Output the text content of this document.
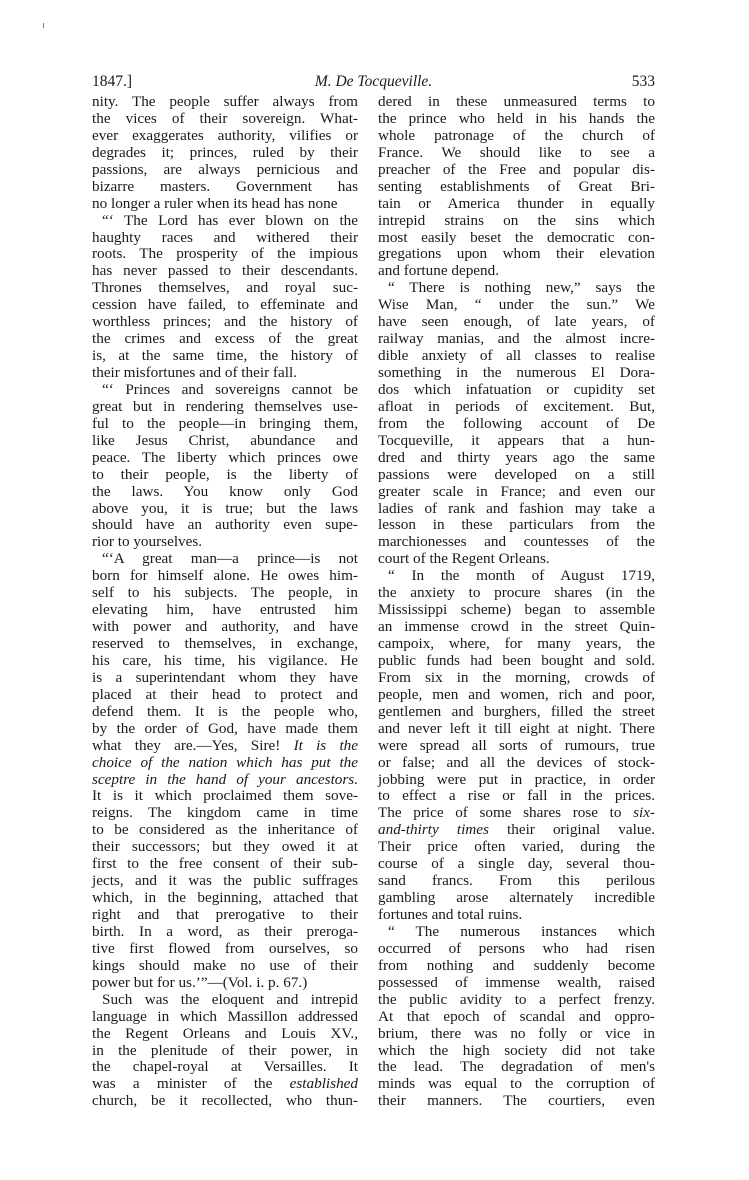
1847.]	M. De Tocqueville.	533
nity. The people suffer always from
the vices of their sovereign. What-
ever exaggerates authority, vilifies or
degrades it; princes, ruled by their
passions, are always pernicious and
bizarre masters. Government has
no longer a ruler when its head has none
“‘ The Lord has ever blown on the
haughty races and withered their
roots. The prosperity of the impious
has never passed to their descendants.
Thrones themselves, and royal suc-
cession have failed, to effeminate and
worthless princes; and the history of
the crimes and excess of the great
is, at the same time, the history of
their misfortunes and of their fall.
“‘ Princes and sovereigns cannot be
great but in rendering themselves use-
ful to the people—in bringing them,
like Jesus Christ, abundance and
peace. The liberty which princes owe
to their people, is the liberty of
the laws. You know only God
above you, it is true; but the laws
should have an authority even supe-
rior to yourselves.
“‘A great man—a prince—is not
born for himself alone. He owes him-
self to his subjects. The people, in
elevating him, have entrusted him
with power and authority, and have
reserved to themselves, in exchange,
his care, his time, his vigilance. He
is a superintendant whom they have
placed at their head to protect and
defend them. It is the people who,
by the order of God, have made them
what they are.—Yes, Sire! It is the
choice of the nation which has put the
sceptre in the hand of your ancestors.
It is it which proclaimed them sove-
reigns. The kingdom came in time
to be considered as the inheritance of
their successors; but they owed it at
first to the free consent of their sub-
jects, and it was the public suffrages
which, in the beginning, attached that
right and that prerogative to their
birth. In a word, as their preroga-
tive first flowed from ourselves, so
kings should make no use of their
power but for us.’”—(Vol. i. p. 67.)
Such was the eloquent and intrepid
language in which Massillon addressed
the Regent Orleans and Louis XV.,
in the plenitude of their power, in
the chapel-royal at Versailles. It
was a minister of the established
church, be it recollected, who thun-
dered in these unmeasured terms to
the prince who held in his hands the
whole patronage of the church of
France. We should like to see a
preacher of the Free and popular dis-
senting establishments of Great Bri-
tain or America thunder in equally
intrepid strains on the sins which
most easily beset the democratic con-
gregations upon whom their elevation
and fortune depend.
“ There is nothing new,” says the
Wise Man, “ under the sun.” We
have seen enough, of late years, of
railway manias, and the almost incre-
dible anxiety of all classes to realise
something in the numerous El Dora-
dos which infatuation or cupidity set
afloat in periods of excitement. But,
from the following account of De
Tocqueville, it appears that a hun-
dred and thirty years ago the same
passions were developed on a still
greater scale in France; and even our
ladies of rank and fashion may take a
lesson in these particulars from the
marchionesses and countesses of the
court of the Regent Orleans.
“ In the month of August 1719,
the anxiety to procure shares (in the
Mississippi scheme) began to assemble
an immense crowd in the street Quin-
campoix, where, for many years, the
public funds had been bought and sold.
From six in the morning, crowds of
people, men and women, rich and poor,
gentlemen and burghers, filled the street
and never left it till eight at night. There
were spread all sorts of rumours, true
or false; and all the devices of stock-
jobbing were put in practice, in order
to effect a rise or fall in the prices.
The price of some shares rose to six-
and-thirty times their original value.
Their price often varied, during the
course of a single day, several thou-
sand francs. From this perilous
gambling arose alternately incredible
fortunes and total ruins.
“ The numerous instances which
occurred of persons who had risen
from nothing and suddenly become
possessed of immense wealth, raised
the public avidity to a perfect frenzy.
At that epoch of scandal and oppro-
brium, there was no folly or vice in
which the high society did not take
the lead. The degradation of men's
minds was equal to the corruption of
their manners. The courtiers, even
